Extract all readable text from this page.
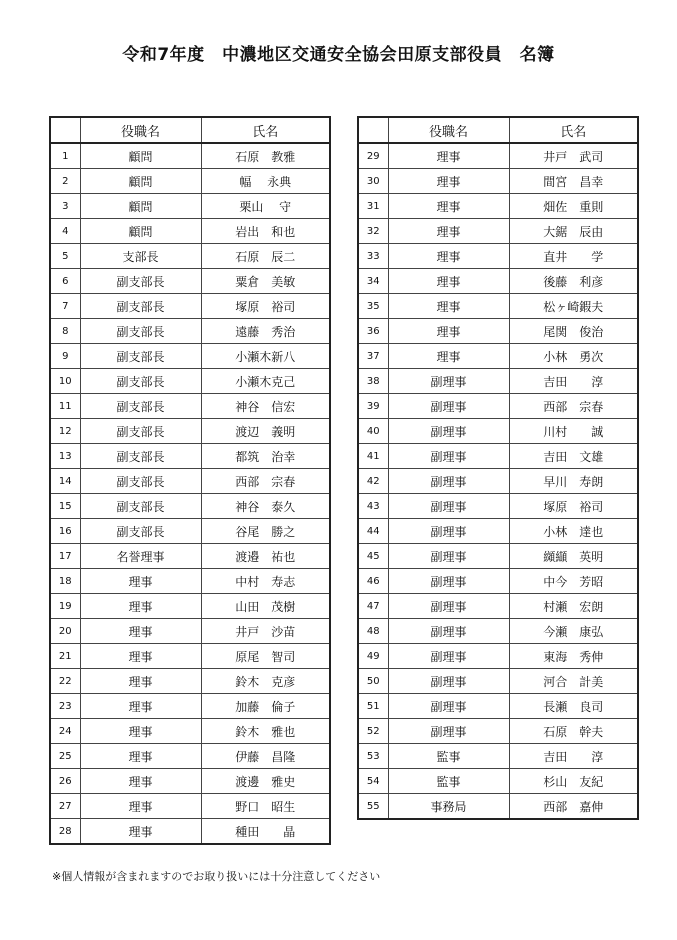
令和7年度　中濃地区交通安全協会田原支部役員　名簿
	役職名	氏名
1	顧問	石原　教雅
2	顧問	幅　 永典
3	顧問	栗山　 守
4	顧問	岩出　和也
5	支部長	石原　辰二
6	副支部長	粟倉　美敏
7	副支部長	塚原　裕司
8	副支部長	遠藤　秀治
9	副支部長	小瀬木新八
10	副支部長	小瀬木克己
11	副支部長	神谷　信宏
12	副支部長	渡辺　義明
13	副支部長	都筑　治幸
14	副支部長	西部　宗春
15	副支部長	神谷　泰久
16	副支部長	谷尾　勝之
17	名誉理事	渡邉　祐也
18	理事	中村　寿志
19	理事	山田　茂樹
20	理事	井戸　沙苗
21	理事	原尾　智司
22	理事	鈴木　克彦
23	理事	加藤　倫子
24	理事	鈴木　雅也
25	理事	伊藤　昌隆
26	理事	渡邊　雅史
27	理事	野口　昭生
28	理事	種田　　晶
	役職名	氏名
29	理事	井戸　武司
30	理事	間宮　昌幸
31	理事	畑佐　重則
32	理事	大鋸　辰由
33	理事	直井　　学
34	理事	後藤　利彦
35	理事	松ヶ崎鍜夫
36	理事	尾関　俊治
37	理事	小林　勇次
38	副理事	吉田　　淳
39	副理事	西部　宗春
40	副理事	川村　　誠
41	副理事	吉田　文雄
42	副理事	早川　寿朗
43	副理事	塚原　裕司
44	副理事	小林　達也
45	副理事	纐纈　英明
46	副理事	中今　芳昭
47	副理事	村瀬　宏朗
48	副理事	今瀬　康弘
49	副理事	東海　秀伸
50	副理事	河合　計美
51	副理事	長瀬　良司
52	副理事	石原　幹夫
53	監事	吉田　　淳
54	監事	杉山　友紀
55	事務局	西部　嘉伸
※個人情報が含まれますのでお取り扱いには十分注意してください
